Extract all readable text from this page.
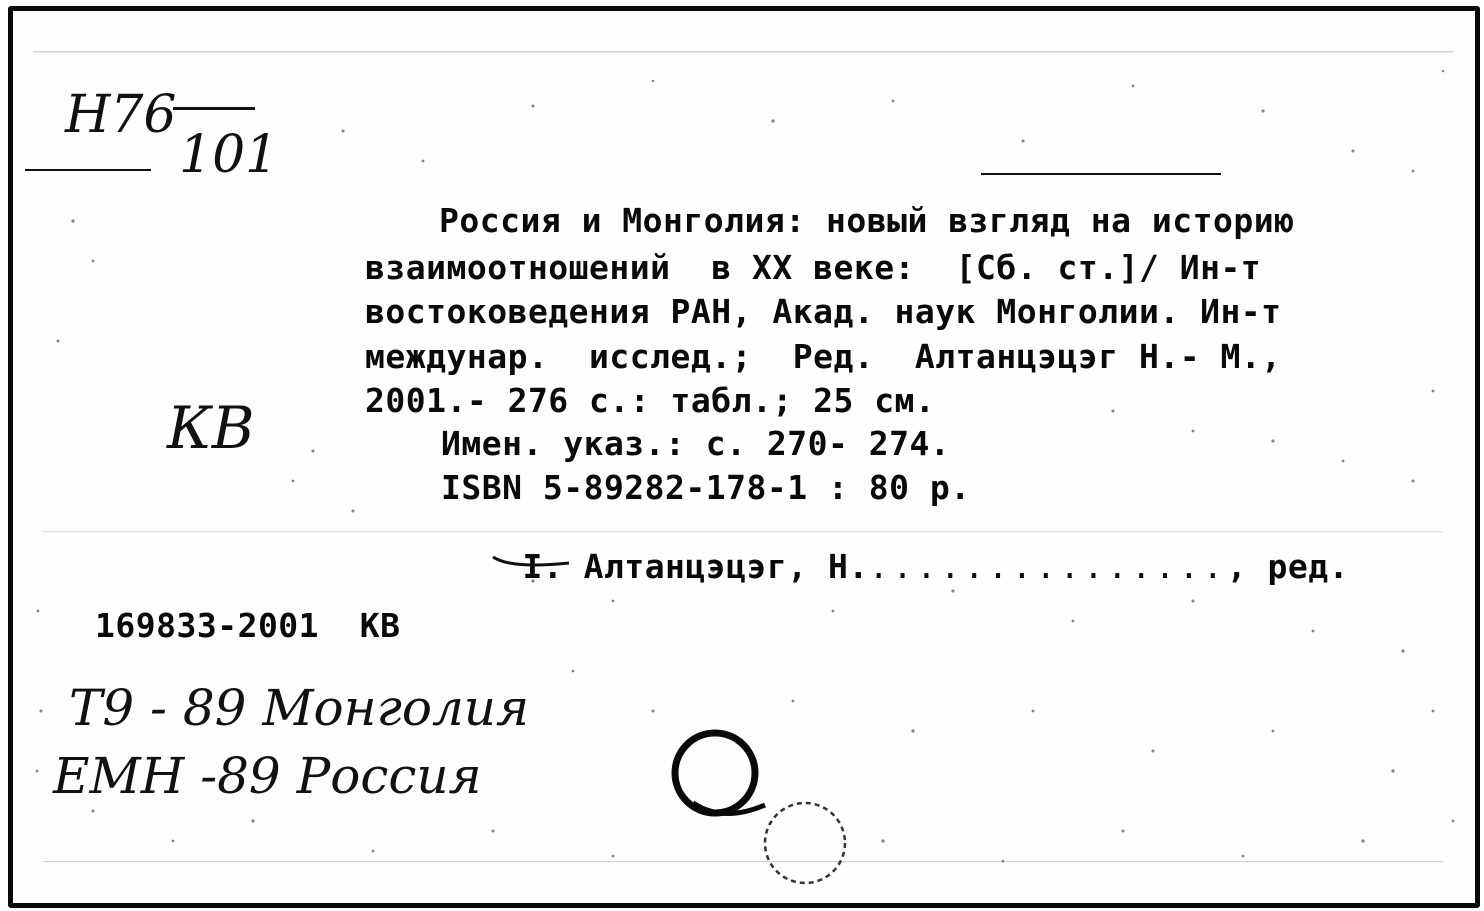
Н76
101
КВ
Россия и Монголия: новый взгляд на историю
взаимоотношений  в XX веке:  [Сб. ст.]/ Ин-т
востоковедения РАН, Акад. наук Монголии. Ин-т
междунар.  исслед.;  Ред.  Алтанцэцэг Н.- М.,
2001.- 276 с.: табл.; 25 см.
Имен. указ.: с. 270- 274.
ISBN 5-89282-178-1 : 80 р.

I. Алтанцэцэг, Н................, ред.

169833-2001  КВ
Т9 - 89 Монголия
ЕМН -89 Россия
